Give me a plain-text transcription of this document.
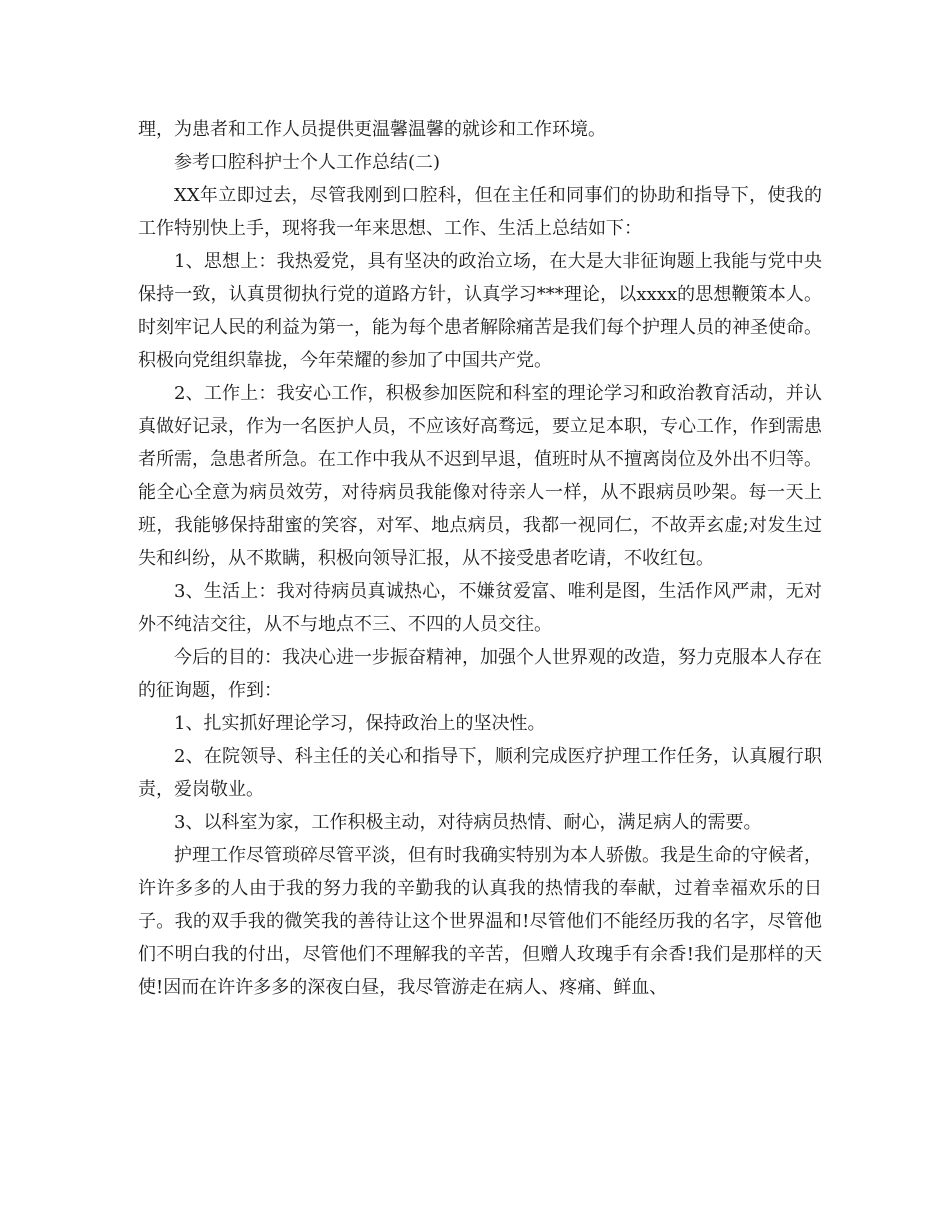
理，为患者和工作人员提供更温馨温馨的就诊和工作环境。

参考口腔科护士个人工作总结(二)

XX年立即过去，尽管我刚到口腔科，但在主任和同事们的协助和指导下，使我的工作特别快上手，现将我一年来思想、工作、生活上总结如下：

1、思想上：我热爱党，具有坚决的政治立场，在大是大非征询题上我能与党中央保持一致，认真贯彻执行党的道路方针，认真学习***理论，以xxxx的思想鞭策本人。时刻牢记人民的利益为第一，能为每个患者解除痛苦是我们每个护理人员的神圣使命。积极向党组织靠拢，今年荣耀的参加了中国共产党。

2、工作上：我安心工作，积极参加医院和科室的理论学习和政治教育活动，并认真做好记录，作为一名医护人员，不应该好高骛远，要立足本职，专心工作，作到需患者所需，急患者所急。在工作中我从不迟到早退，值班时从不擅离岗位及外出不归等。能全心全意为病员效劳，对待病员我能像对待亲人一样，从不跟病员吵架。每一天上班，我能够保持甜蜜的笑容，对军、地点病员，我都一视同仁，不故弄玄虚;对发生过失和纠纷，从不欺瞒，积极向领导汇报，从不接受患者吃请，不收红包。

3、生活上：我对待病员真诚热心，不嫌贫爱富、唯利是图，生活作风严肃，无对外不纯洁交往，从不与地点不三、不四的人员交往。

今后的目的：我决心进一步振奋精神，加强个人世界观的改造，努力克服本人存在的征询题，作到：

1、扎实抓好理论学习，保持政治上的坚决性。

2、在院领导、科主任的关心和指导下，顺利完成医疗护理工作任务，认真履行职责，爱岗敬业。

3、以科室为家，工作积极主动，对待病员热情、耐心，满足病人的需要。

护理工作尽管琐碎尽管平淡，但有时我确实特别为本人骄傲。我是生命的守候者，许许多多的人由于我的努力我的辛勤我的认真我的热情我的奉献，过着幸福欢乐的日子。我的双手我的微笑我的善待让这个世界温和!尽管他们不能经历我的名字，尽管他们不明白我的付出，尽管他们不理解我的辛苦，但赠人玫瑰手有余香!我们是那样的天使!因而在许许多多的深夜白昼，我尽管游走在病人、疼痛、鲜血、
